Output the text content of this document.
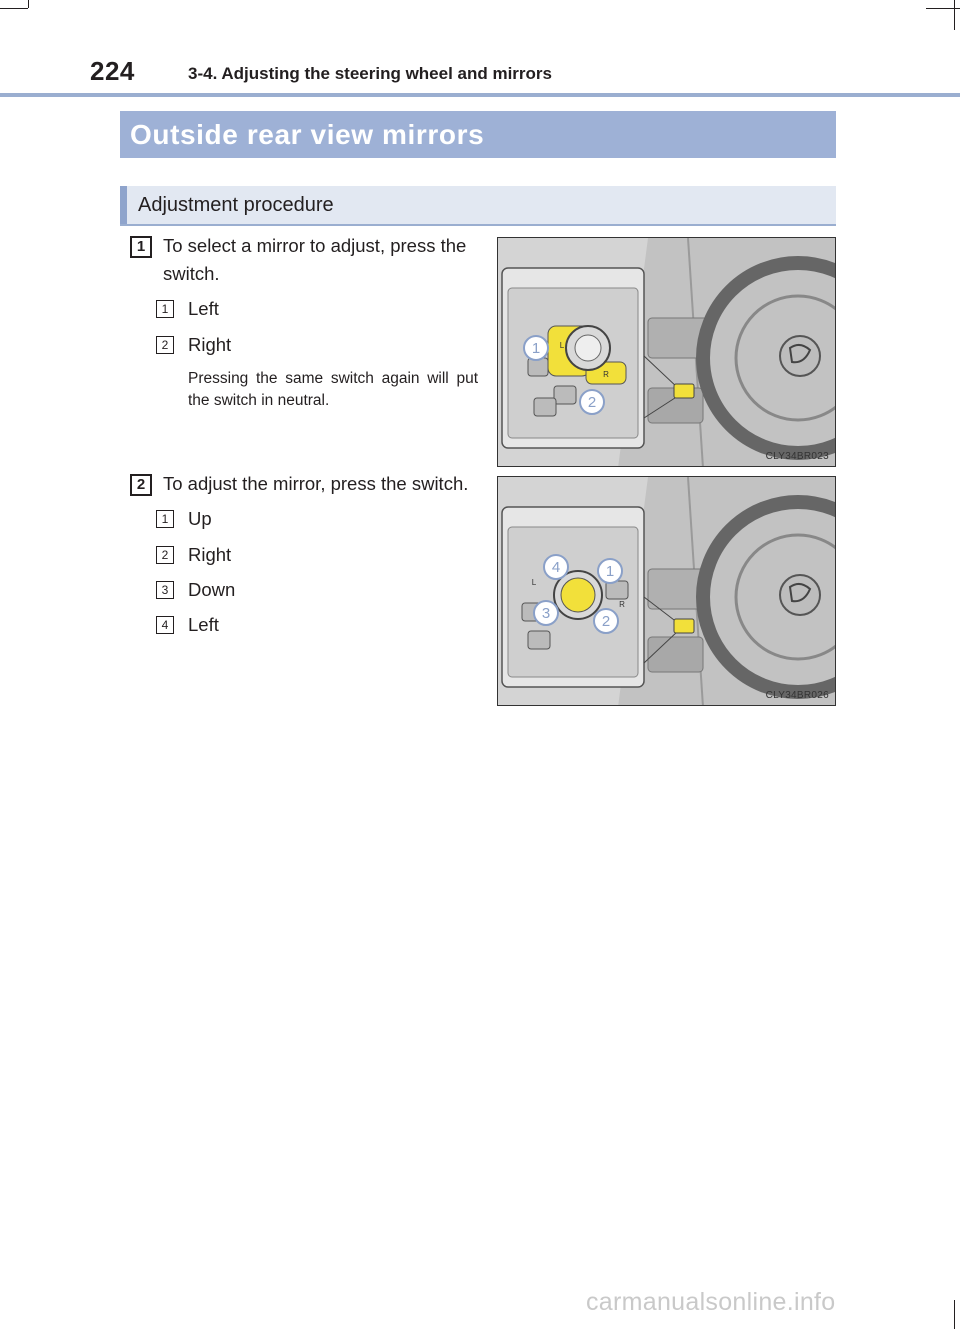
224	3-4. Adjusting the steering wheel and mirrors
Outside rear view mirrors
Adjustment procedure
1 To select a mirror to adjust, press the switch.
1	Left
2	Right
Pressing the same switch again will put the switch in neutral.
1
2
L
R
CLY34BR023
2 To adjust the mirror, press the switch.
1	Up
2	Right
3	Down
4	Left
4	1
3	2
L
R
CLY34BR026
carmanualsonline.info
